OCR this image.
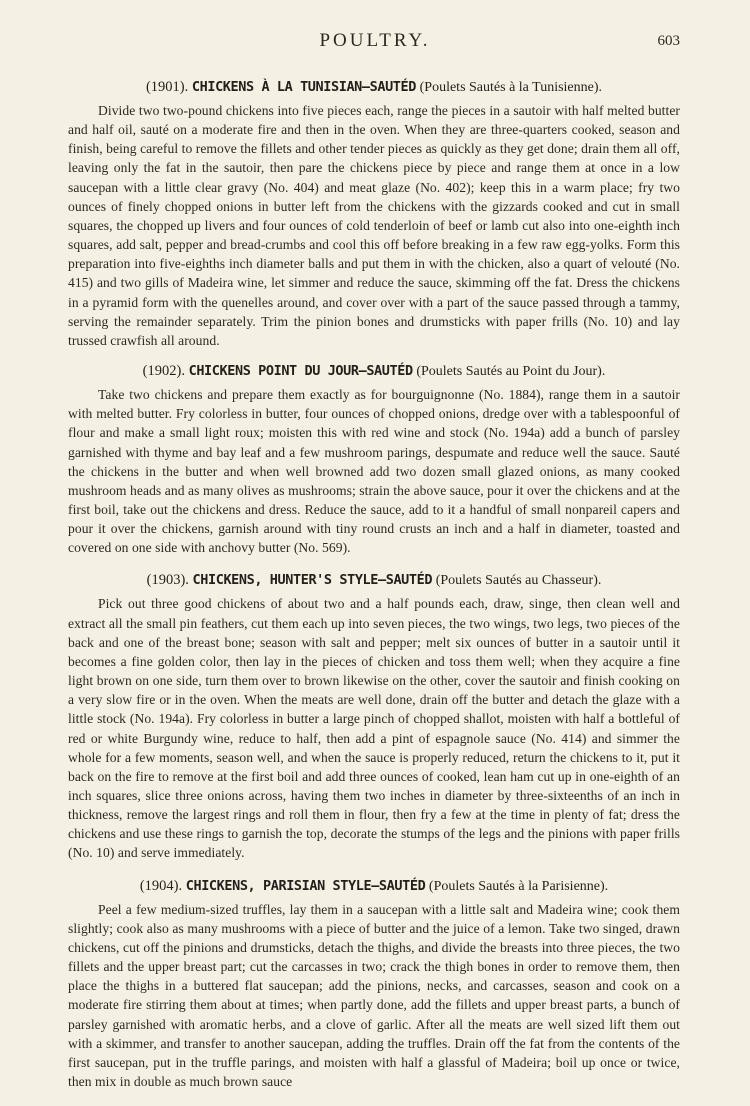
POULTRY.	603
(1901). CHICKENS À LA TUNISIAN—SAUTÉD (Poulets Sautés à la Tunisienne).

Divide two two-pound chickens into five pieces each, range the pieces in a sautoir with half melted butter and half oil, sauté on a moderate fire and then in the oven. When they are three-quarters cooked, season and finish, being careful to remove the fillets and other tender pieces as quickly as they get done; drain them all off, leaving only the fat in the sautoir, then pare the chickens piece by piece and range them at once in a low saucepan with a little clear gravy (No. 404) and meat glaze (No. 402); keep this in a warm place; fry two ounces of finely chopped onions in butter left from the chickens with the gizzards cooked and cut in small squares, the chopped up livers and four ounces of cold tenderloin of beef or lamb cut also into one-eighth inch squares, add salt, pepper and bread-crumbs and cool this off before breaking in a few raw egg-yolks. Form this preparation into five-eighths inch diameter balls and put them in with the chicken, also a quart of velouté (No. 415) and two gills of Madeira wine, let simmer and reduce the sauce, skimming off the fat. Dress the chickens in a pyramid form with the quenelles around, and cover over with a part of the sauce passed through a tammy, serving the remainder separately. Trim the pinion bones and drumsticks with paper frills (No. 10) and lay trussed crawfish all around.

(1902). CHICKENS POINT DU JOUR—SAUTÉD (Poulets Sautés au Point du Jour).

Take two chickens and prepare them exactly as for bourguignonne (No. 1884), range them in a sautoir with melted butter. Fry colorless in butter, four ounces of chopped onions, dredge over with a tablespoonful of flour and make a small light roux; moisten this with red wine and stock (No. 194a) add a bunch of parsley garnished with thyme and bay leaf and a few mushroom parings, despumate and reduce well the sauce. Sauté the chickens in the butter and when well browned add two dozen small glazed onions, as many cooked mushroom heads and as many olives as mushrooms; strain the above sauce, pour it over the chickens and at the first boil, take out the chickens and dress. Reduce the sauce, add to it a handful of small nonpareil capers and pour it over the chickens, garnish around with tiny round crusts an inch and a half in diameter, toasted and covered on one side with anchovy butter (No. 569).

(1903). CHICKENS, HUNTER'S STYLE—SAUTÉD (Poulets Sautés au Chasseur).

Pick out three good chickens of about two and a half pounds each, draw, singe, then clean well and extract all the small pin feathers, cut them each up into seven pieces, the two wings, two legs, two pieces of the back and one of the breast bone; season with salt and pepper; melt six ounces of butter in a sautoir until it becomes a fine golden color, then lay in the pieces of chicken and toss them well; when they acquire a fine light brown on one side, turn them over to brown likewise on the other, cover the sautoir and finish cooking on a very slow fire or in the oven. When the meats are well done, drain off the butter and detach the glaze with a little stock (No. 194a). Fry colorless in butter a large pinch of chopped shallot, moisten with half a bottleful of red or white Burgundy wine, reduce to half, then add a pint of espagnole sauce (No. 414) and simmer the whole for a few moments, season well, and when the sauce is properly reduced, return the chickens to it, put it back on the fire to remove at the first boil and add three ounces of cooked, lean ham cut up in one-eighth of an inch squares, slice three onions across, having them two inches in diameter by three-sixteenths of an inch in thickness, remove the largest rings and roll them in flour, then fry a few at the time in plenty of fat; dress the chickens and use these rings to garnish the top, decorate the stumps of the legs and the pinions with paper frills (No. 10) and serve immediately.

(1904). CHICKENS, PARISIAN STYLE—SAUTÉD (Poulets Sautés à la Parisienne).

Peel a few medium-sized truffles, lay them in a saucepan with a little salt and Madeira wine; cook them slightly; cook also as many mushrooms with a piece of butter and the juice of a lemon. Take two singed, drawn chickens, cut off the pinions and drumsticks, detach the thighs, and divide the breasts into three pieces, the two fillets and the upper breast part; cut the carcasses in two; crack the thigh bones in order to remove them, then place the thighs in a buttered flat saucepan; add the pinions, necks, and carcasses, season and cook on a moderate fire stirring them about at times; when partly done, add the fillets and upper breast parts, a bunch of parsley garnished with aromatic herbs, and a clove of garlic. After all the meats are well sized lift them out with a skimmer, and transfer to another saucepan, adding the truffles. Drain off the fat from the contents of the first saucepan, put in the truffle parings, and moisten with half a glassful of Madeira; boil up once or twice, then mix in double as much brown sauce
